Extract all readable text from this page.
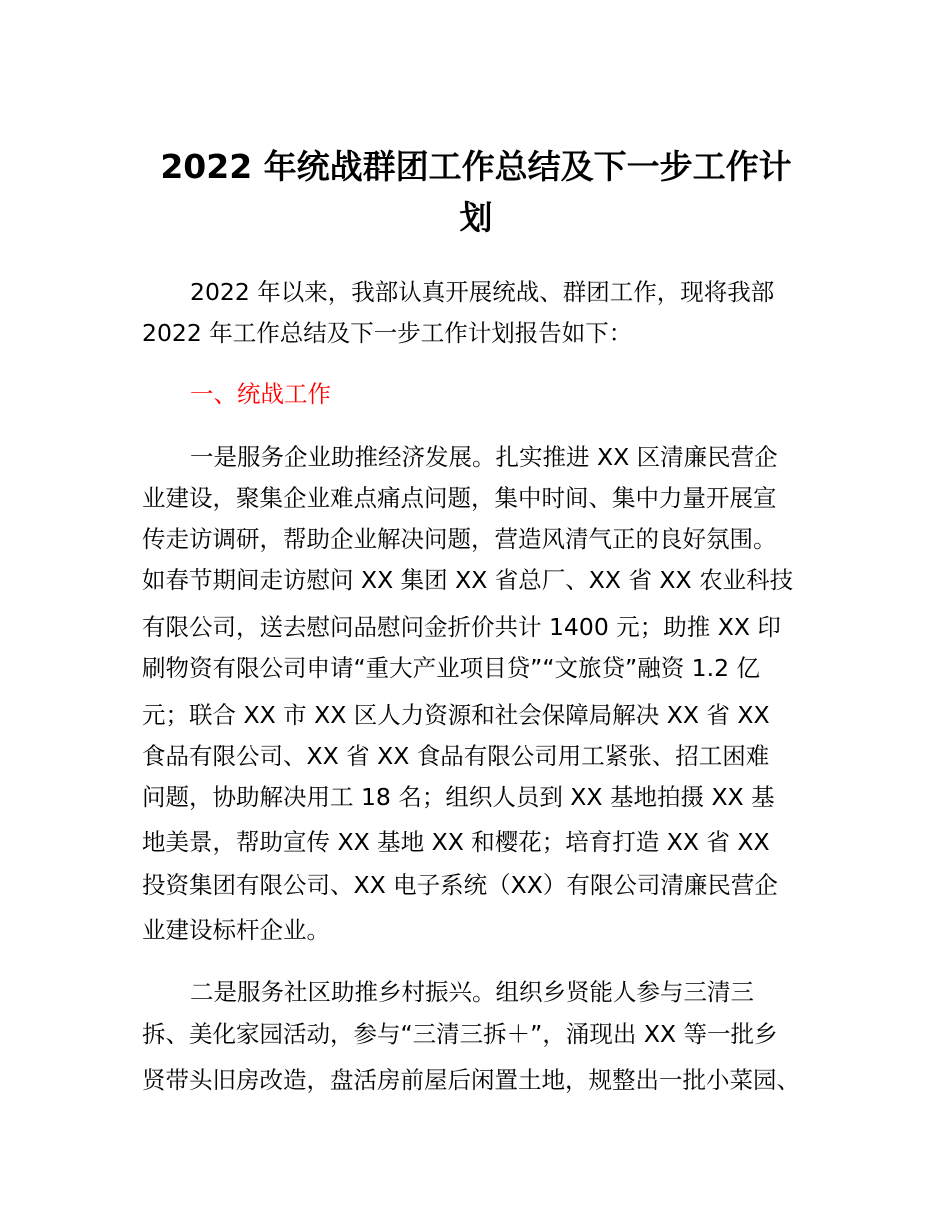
2022 年统战群团工作总结及下一步工作计
划

2022 年以来，我部认真开展统战、群团工作，现将我部

2022 年工作总结及下一步工作计划报告如下：

一、统战工作

一是服务企业助推经济发展。扎实推进 XX 区清廉民营企

业建设，聚集企业难点痛点问题，集中时间、集中力量开展宣

传走访调研，帮助企业解决问题，营造风清气正的良好氛围。

如春节期间走访慰问 XX 集团 XX 省总厂、XX 省 XX 农业科技

有限公司，送去慰问品慰问金折价共计 1400 元；助推 XX 印

刷物资有限公司申请“重大产业项目贷”“文旅贷”融资 1.2 亿

元；联合 XX 市 XX 区人力资源和社会保障局解决 XX 省 XX

食品有限公司、XX 省 XX 食品有限公司用工紧张、招工困难

问题，协助解决用工 18 名；组织人员到 XX 基地拍摄 XX 基

地美景，帮助宣传 XX 基地 XX 和樱花；培育打造 XX 省 XX

投资集团有限公司、XX 电子系统（XX）有限公司清廉民营企

业建设标杆企业。

二是服务社区助推乡村振兴。组织乡贤能人参与三清三

拆、美化家园活动，参与“三清三拆＋”，涌现出 XX 等一批乡

贤带头旧房改造，盘活房前屋后闲置土地，规整出一批小菜园、
